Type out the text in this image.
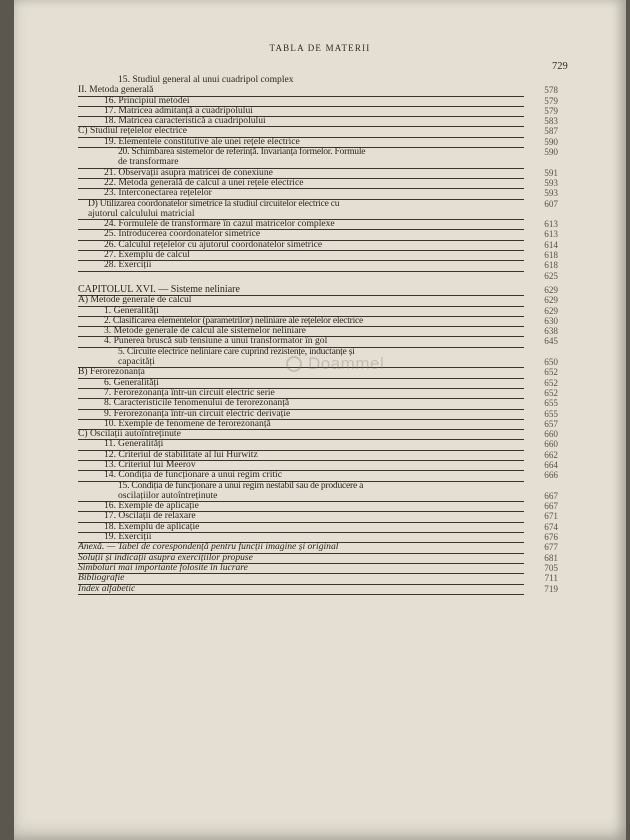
TABLA DE MATERII
729
15. Studiul general al unui cuadripol complex
II. Metoda generală	578
16. Principiul metodei	579
17. Matricea admitanță a cuadripolului	579
18. Matricea caracteristică a cuadripolului	583
C) Studiul rețelelor electrice	587
19. Elementele constitutive ale unei rețele electrice	590
20. Schimbarea sistemelor de referință. Invarianța formelor. Formule	590
de transformare
21. Observații asupra matricei de conexiune	591
22. Metoda generală de calcul a unei rețele electrice	593
23. Interconectarea rețelelor	593
D) Utilizarea coordonatelor simetrice la studiul circuitelor electrice cu	607
ajutorul calculului matricial
24. Formulele de transformare în cazul matricelor complexe	613
25. Introducerea coordonatelor simetrice	613
26. Calculul rețelelor cu ajutorul coordonatelor simetrice	614
27. Exemplu de calcul	618
28. Exerciții	618
625
CAPITOLUL XVI. — Sisteme neliniare	629
A) Metode generale de calcul	629
1. Generalități	629
2. Clasificarea elementelor (parametrilor) neliniare ale rețelelor electrice	630
3. Metode generale de calcul ale sistemelor neliniare	638
4. Punerea bruscă sub tensiune a unui transformator în gol	645
5. Circuite electrice neliniare care cuprind rezistențe, inductanțe și
capacități	650
B) Ferorezonanța	652
6. Generalități	652
7. Ferorezonanța într-un circuit electric serie	652
8. Caracteristicile fenomenului de ferorezonanță	655
9. Ferorezonanța într-un circuit electric derivație	655
10. Exemple de fenomene de ferorezonanță	657
C) Oscilații autoîntreținute	660
11. Generalități	660
12. Criteriul de stabilitate al lui Hurwitz	662
13. Criteriul lui Meerov	664
14. Condiția de funcționare a unui regim critic	666
15. Condiția de funcționare a unui regim nestabil sau de producere a
oscilațiilor autoîntreținute	667
16. Exemple de aplicație	667
17. Oscilații de relaxare	671
18. Exemplu de aplicație	674
19. Exerciții	676
Anexă. — Tabel de corespondență pentru funcții imagine și original	677
Soluții și indicații asupra exercițiilor propuse	681
Simboluri mai importante folosite în lucrare	705
Bibliografie	711
Index alfabetic	719
Doammel
